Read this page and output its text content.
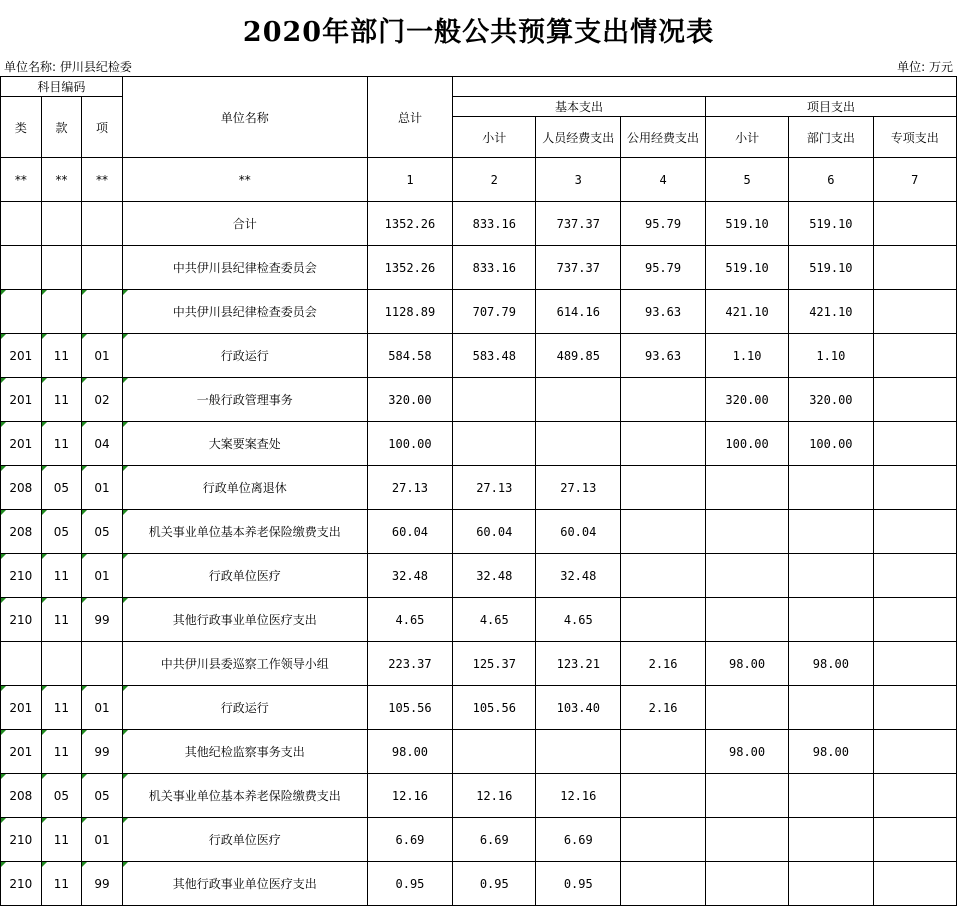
2020年部门一般公共预算支出情况表
单位名称: 伊川县纪检委	单位: 万元
科目编码			单位名称	总计						
类	款	项			基本支出			项目支出		
					小计	人员经费支出	公用经费支出	小计	部门支出	专项支出
**	**	**	**	1	2	3	4	5	6	7
			合计	1352.26	833.16	737.37	95.79	519.10	519.10	
			中共伊川县纪律检查委员会	1352.26	833.16	737.37	95.79	519.10	519.10	
			中共伊川县纪律检查委员会	1128.89	707.79	614.16	93.63	421.10	421.10	
201	11	01	行政运行	584.58	583.48	489.85	93.63	1.10	1.10	
201	11	02	一般行政管理事务	320.00				320.00	320.00	
201	11	04	大案要案查处	100.00				100.00	100.00	
208	05	01	行政单位离退休	27.13	27.13	27.13				
208	05	05	机关事业单位基本养老保险缴费支出	60.04	60.04	60.04				
210	11	01	行政单位医疗	32.48	32.48	32.48				
210	11	99	其他行政事业单位医疗支出	4.65	4.65	4.65				
			中共伊川县委巡察工作领导小组	223.37	125.37	123.21	2.16	98.00	98.00	
201	11	01	行政运行	105.56	105.56	103.40	2.16			
201	11	99	其他纪检监察事务支出	98.00				98.00	98.00	
208	05	05	机关事业单位基本养老保险缴费支出	12.16	12.16	12.16				
210	11	01	行政单位医疗	6.69	6.69	6.69				
210	11	99	其他行政事业单位医疗支出	0.95	0.95	0.95				
